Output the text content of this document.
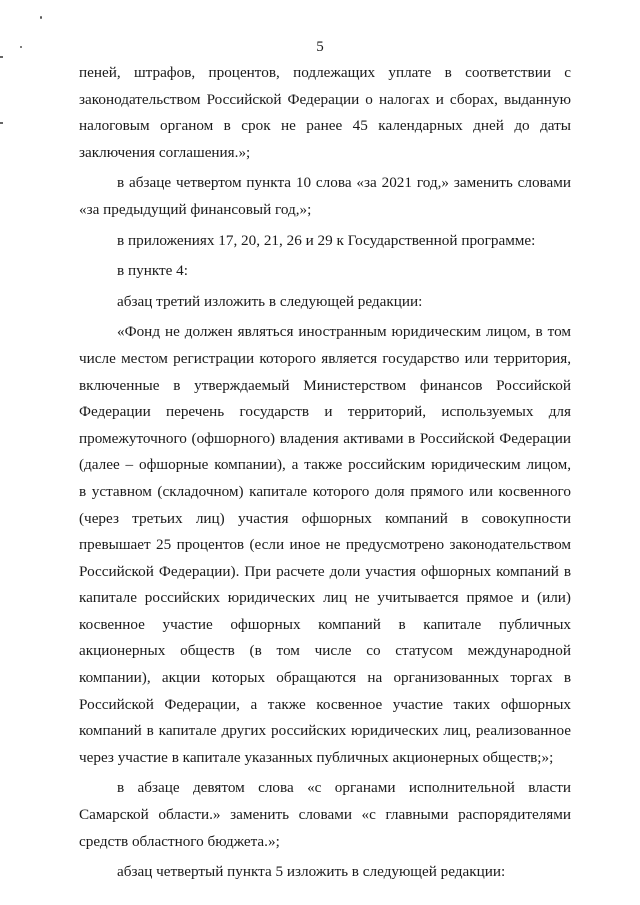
5
пеней, штрафов, процентов, подлежащих уплате в соответствии с
законодательством Российской Федерации о налогах и сборах, выданную
налоговым органом в срок не ранее 45 календарных дней до даты
заключения соглашения.»;
в абзаце четвертом пункта 10 слова «за 2021 год,» заменить словами
«за предыдущий финансовый год,»;
в приложениях 17, 20, 21, 26 и 29 к Государственной программе:
в пункте 4:
абзац третий изложить в следующей редакции:
«Фонд не должен являться иностранным юридическим лицом, в том
числе местом регистрации которого является государство или территория,
включенные в утверждаемый Министерством финансов Российской
Федерации перечень государств и территорий, используемых для
промежуточного (офшорного) владения активами в Российской Федерации
(далее – офшорные компании), а также российским юридическим лицом,
в уставном (складочном) капитале которого доля прямого или косвенного
(через третьих лиц) участия офшорных компаний в совокупности
превышает 25 процентов (если иное не предусмотрено законодательством
Российской Федерации). При расчете доли участия офшорных компаний в
капитале российских юридических лиц не учитывается прямое и (или)
косвенное участие офшорных компаний в капитале публичных
акционерных обществ (в том числе со статусом международной
компании), акции которых обращаются на организованных торгах в
Российской Федерации, а также косвенное участие таких офшорных
компаний в капитале других российских юридических лиц, реализованное
через участие в капитале указанных публичных акционерных обществ;»;
в абзаце девятом слова «с органами исполнительной власти
Самарской области.» заменить словами «с главными распорядителями
средств областного бюджета.»;
абзац четвертый пункта 5 изложить в следующей редакции:
